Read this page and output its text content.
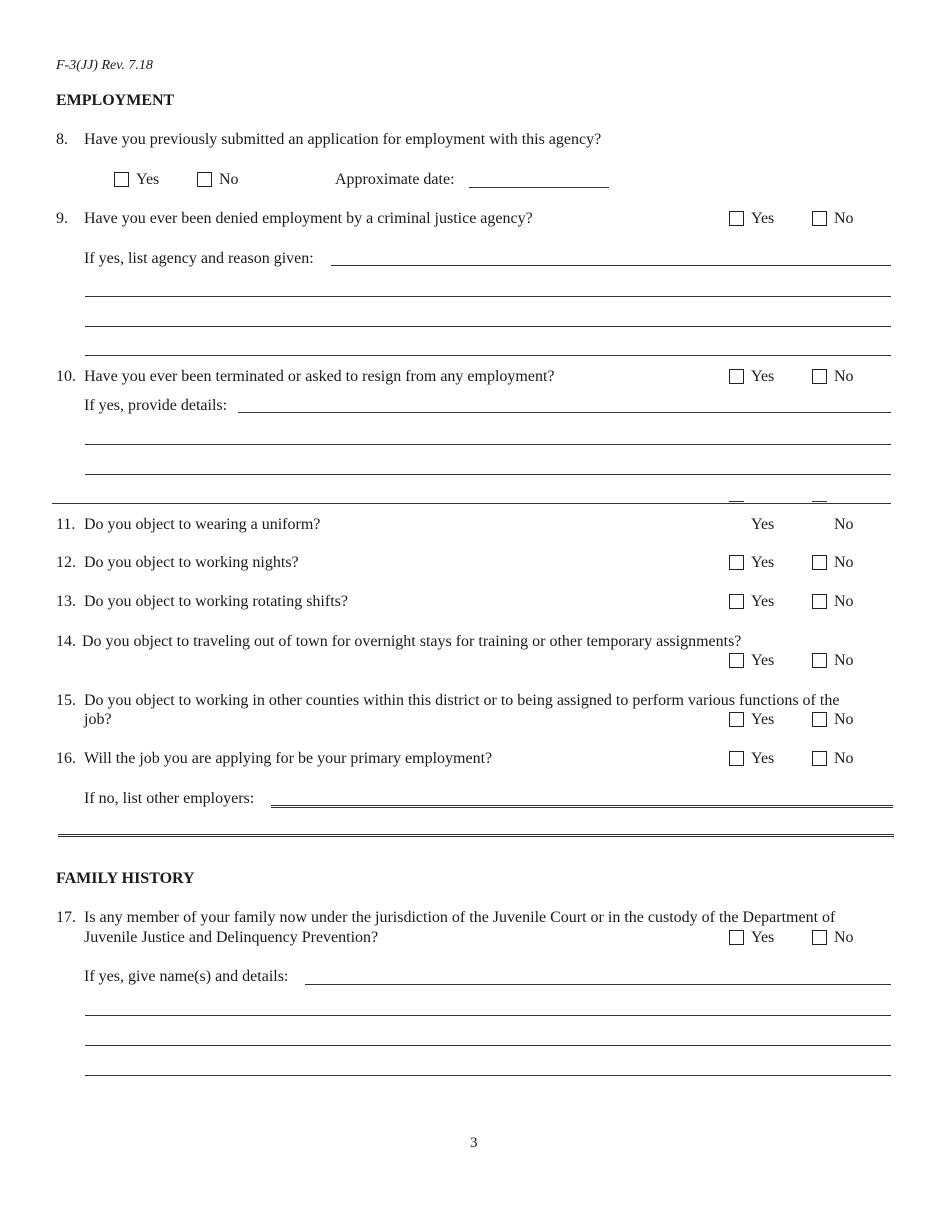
F-3(JJ) Rev. 7.18
EMPLOYMENT
8. Have you previously submitted an application for employment with this agency?
Yes	No	Approximate date:
9. Have you ever been denied employment by a criminal justice agency?	Yes	No
If yes, list agency and reason given:
10. Have you ever been terminated or asked to resign from any employment?	Yes	No
If yes, provide details:
11. Do you object to wearing a uniform?	Yes	No
12. Do you object to working nights?	Yes	No
13. Do you object to working rotating shifts?	Yes	No
14. Do you object to traveling out of town for overnight stays for training or other temporary assignments?
Yes	No
15. Do you object to working in other counties within this district or to being assigned to perform various functions of the
job?	Yes	No
16. Will the job you are applying for be your primary employment?	Yes	No
If no, list other employers:
FAMILY HISTORY
17. Is any member of your family now under the jurisdiction of the Juvenile Court or in the custody of the Department of
Juvenile Justice and Delinquency Prevention?	Yes	No
If yes, give name(s) and details:
3
